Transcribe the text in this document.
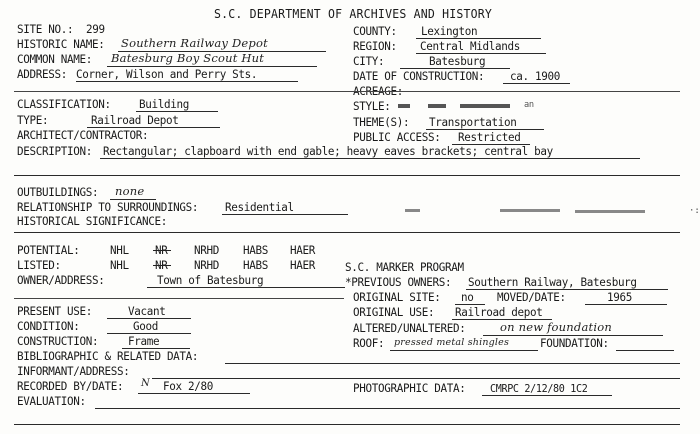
S.C. DEPARTMENT OF ARCHIVES AND HISTORY
SITE NO.: 299	COUNTY: Lexington
HISTORIC NAME: Southern Railway Depot	REGION: Central Midlands
COMMON NAME: Batesburg Boy Scout Hut	CITY:	Batesburg
ADDRESS: Corner, Wilson and Perry Sts.	DATE OF CONSTRUCTION: ca. 1900
ACREAGE:
CLASSIFICATION: Building	STYLE:	an
TYPE:	Railroad Depot	THEME(S): Transportation
ARCHITECT/CONTRACTOR:	PUBLIC ACCESS: Restricted
DESCRIPTION: Rectangular; clapboard with end gable; heavy eaves brackets; central bay
OUTBUILDINGS: none
RELATIONSHIP TO SURROUNDINGS: Residential
HISTORICAL SIGNIFICANCE:
POTENTIAL:	NHL NR NRHD HABS HAER
LISTED:	NHL NR NRHD HABS HAER	S.C. MARKER PROGRAM
OWNER/ADDRESS:	Town of Batesburg	*PREVIOUS OWNERS: Southern Railway, Batesburg
ORIGINAL SITE: no MOVED/DATE:	1965
PRESENT USE:	Vacant	ORIGINAL USE: Railroad depot
CONDITION:	Good	ALTERED/UNALTERED:	on new foundation
CONSTRUCTION:	Frame	ROOF: pressed metal shingles	FOUNDATION:
BIBLIOGRAPHIC & RELATED DATA:
INFORMANT/ADDRESS:
RECORDED BY/DATE: N Fox 2/80	PHOTOGRAPHIC DATA: CMRPC 2/12/80 1C2
EVALUATION:
·:
